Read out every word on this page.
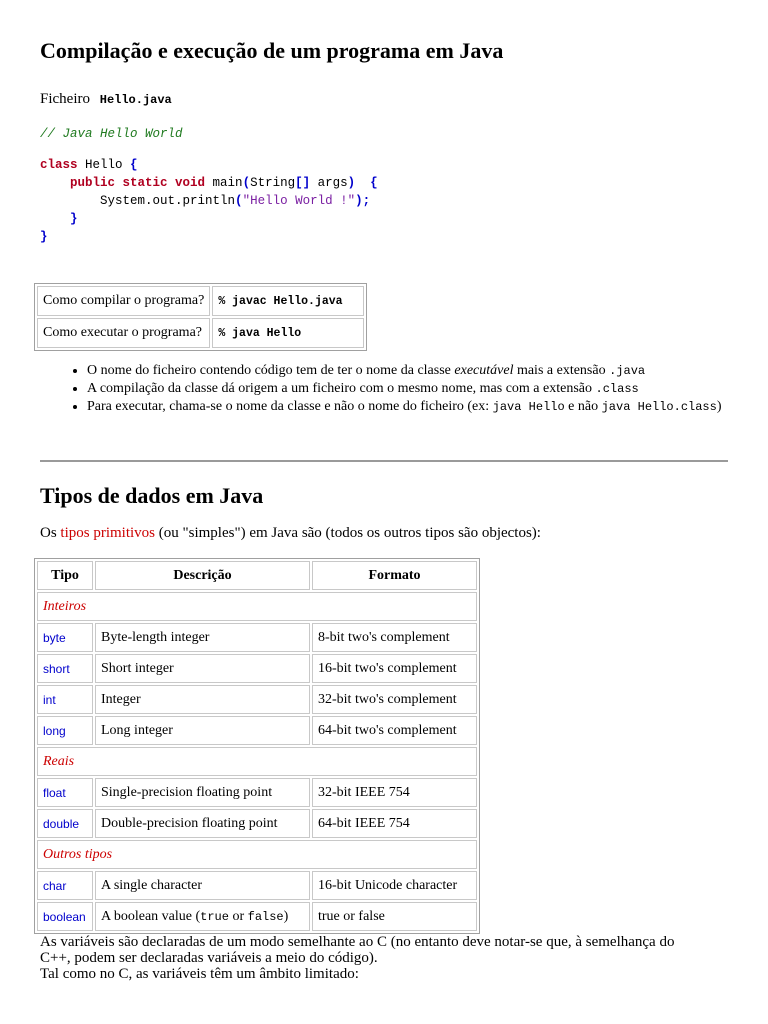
Compilação e execução de um programa em Java
Ficheiro Hello.java
// Java Hello World
class Hello {
public static void main(String[] args) {
System.out.println("Hello World !");
}
}
Como compilar o programa?	% javac Hello.java
Como executar o programa?	% java Hello
• O nome do ficheiro contendo código tem de ter o nome da classe executável mais a extensão .java
• A compilação da classe dá origem a um ficheiro com o mesmo nome, mas com a extensão .class
• Para executar, chama-se o nome da classe e não o nome do ficheiro (ex: java Hello e não java Hello.class)
Tipos de dados em Java
Os tipos primitivos (ou "simples") em Java são (todos os outros tipos são objectos):
Tipo	Descrição	Formato
Inteiros		
byte	Byte-length integer	8-bit two's complement
short	Short integer	16-bit two's complement
int	Integer	32-bit two's complement
long	Long integer	64-bit two's complement
Reais		
float	Single-precision floating point	32-bit IEEE 754
double	Double-precision floating point	64-bit IEEE 754
Outros tipos		
char	A single character	16-bit Unicode character
boolean	A boolean value (true or false)	true or false
As variáveis são declaradas de um modo semelhante ao C (no entanto deve notar-se que, à semelhança do
C++, podem ser declaradas variáveis a meio do código).
Tal como no C, as variáveis têm um âmbito limitado:
